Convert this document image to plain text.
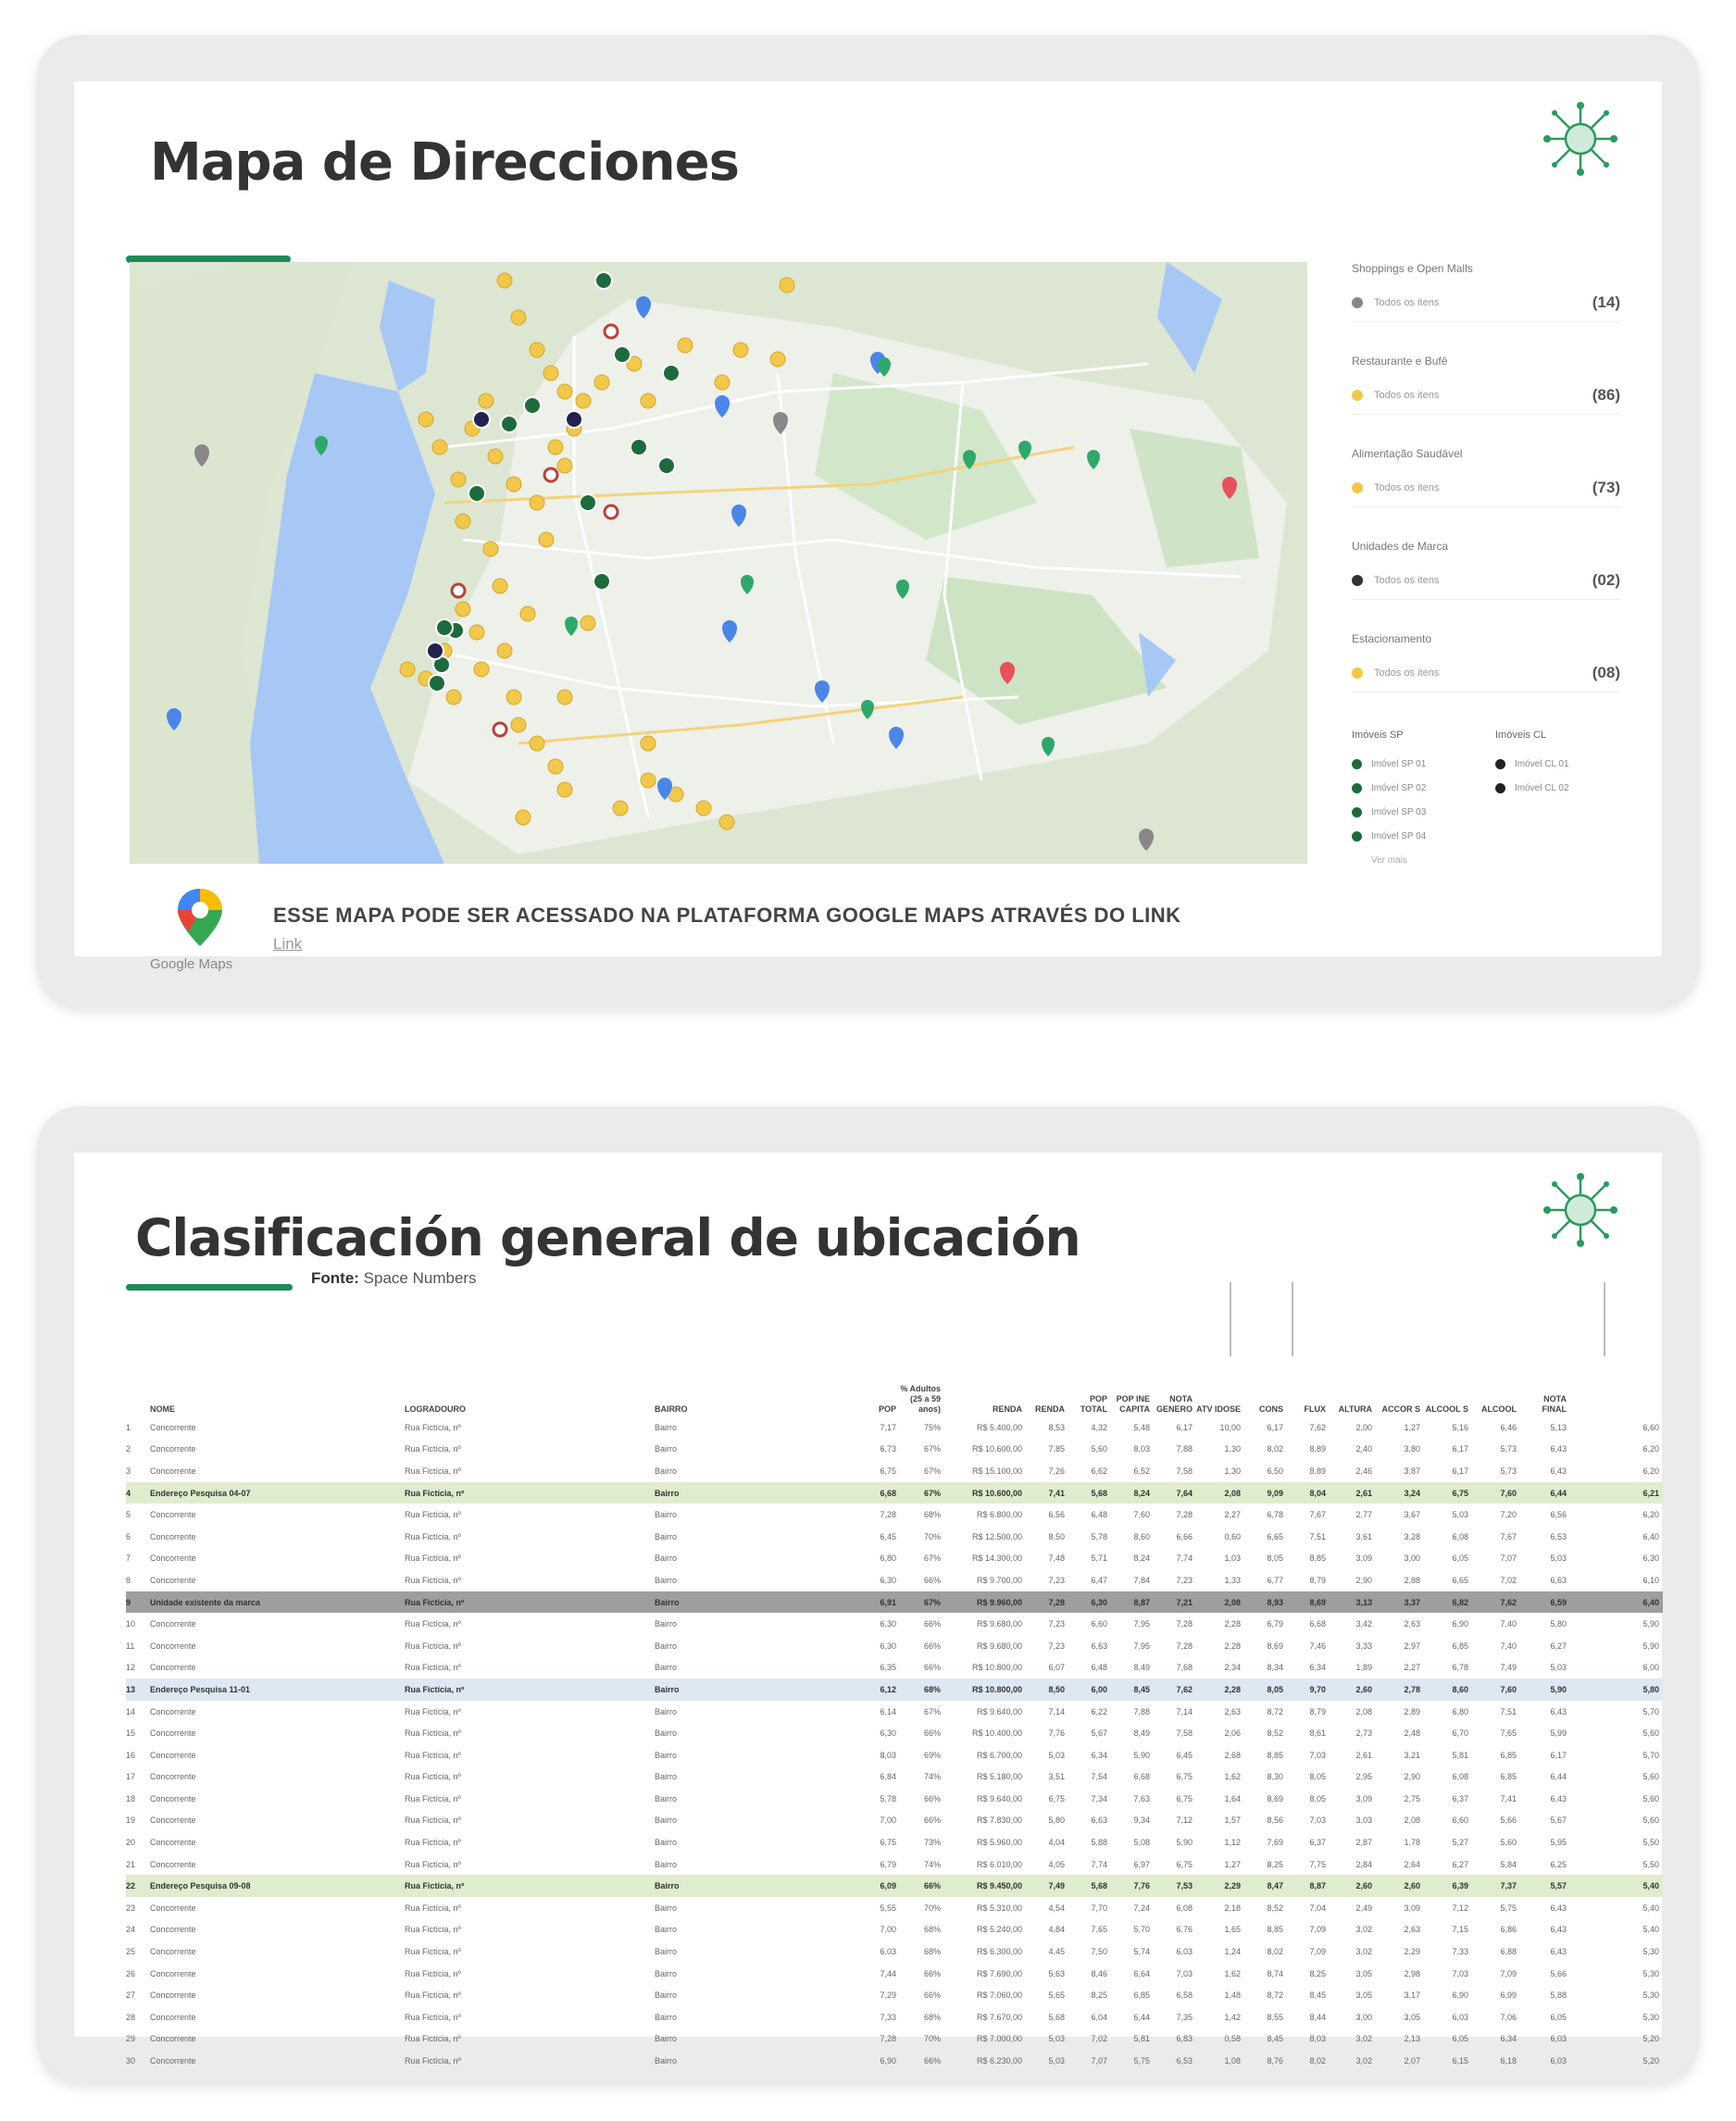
Mapa de Direcciones
Shoppings e Open Malls
Todos os itens	(14)
Restaurante e Bufê
Todos os itens	(86)
Alimentação Saudável
Todos os itens	(73)
Unidades de Marca
Todos os itens	(02)
Estacionamento
Todos os itens	(08)
Imóveis SP
Imóvel SP 01
Imóvel SP 02
Imóvel SP 03
Imóvel SP 04
Ver mais
Imóveis CL
Imóvel CL 01
Imóvel CL 02
Google Maps
ESSE MAPA PODE SER ACESSADO NA PLATAFORMA GOOGLE MAPS ATRAVÉS DO LINK
Link
Clasificación general de ubicación
Fonte: Space Numbers
	NOME	LOGRADOURO	BAIRRO	POP	% Adultos (25 a 59 anos)	RENDA	RENDA	POP TOTAL	POP INE CAPITA	NOTA GENERO	ATV IDOSE	CONS	FLUX	ALTURA	ACCOR S	ALCOOL S	ALCOOL	NOTA FINAL	
1	Concorrente	Rua Fictícia, nº	Bairro	7,17	75%	R$ 5.400,00	8,53	4,32	5,48	6,17	10,00	6,17	7,62	2,00	1,27	5,16	6,46	5,13	6,60
2	Concorrente	Rua Fictícia, nº	Bairro	6,73	67%	R$ 10.600,00	7,85	5,60	8,03	7,88	1,30	8,02	8,89	2,40	3,80	6,17	5,73	6,43	6,20
3	Concorrente	Rua Fictícia, nº	Bairro	6,75	67%	R$ 15.100,00	7,26	6,62	6,52	7,58	1,30	6,50	8,89	2,46	3,87	6,17	5,73	6,43	6,20
4	Endereço Pesquisa 04-07	Rua Fictícia, nº	Bairro	6,68	67%	R$ 10.600,00	7,41	5,68	8,24	7,64	2,08	9,09	8,04	2,61	3,24	6,75	7,60	6,44	6,21
5	Concorrente	Rua Fictícia, nº	Bairro	7,28	68%	R$ 6.800,00	6,56	6,48	7,60	7,28	2,27	6,78	7,67	2,77	3,67	5,03	7,20	6,56	6,20
6	Concorrente	Rua Fictícia, nº	Bairro	6,45	70%	R$ 12.500,00	8,50	5,78	8,60	6,66	0,60	6,65	7,51	3,61	3,28	6,08	7,67	6,53	6,40
7	Concorrente	Rua Fictícia, nº	Bairro	6,80	67%	R$ 14.300,00	7,48	5,71	8,24	7,74	1,03	8,05	8,85	3,09	3,00	6,05	7,07	5,03	6,30
8	Concorrente	Rua Fictícia, nº	Bairro	6,30	66%	R$ 9.700,00	7,23	6,47	7,84	7,23	1,33	6,77	8,79	2,90	2,88	6,65	7,02	6,63	6,10
9	Unidade existente da marca	Rua Fictícia, nº	Bairro	6,91	67%	R$ 9.960,00	7,28	6,30	8,87	7,21	2,08	8,93	8,69	3,13	3,37	6,82	7,62	6,59	6,40
10	Concorrente	Rua Fictícia, nº	Bairro	6,30	66%	R$ 9.680,00	7,23	6,60	7,95	7,28	2,28	6,79	6,68	3,42	2,63	6,90	7,40	5,80	5,90
11	Concorrente	Rua Fictícia, nº	Bairro	6,30	66%	R$ 9.680,00	7,23	6,63	7,95	7,28	2,28	8,69	7,46	3,33	2,97	6,85	7,40	6,27	5,90
12	Concorrente	Rua Fictícia, nº	Bairro	6,35	66%	R$ 10.800,00	6,07	6,48	8,49	7,68	2,34	8,34	6,34	1,89	2,27	6,78	7,49	5,03	6,00
13	Endereço Pesquisa 11-01	Rua Fictícia, nº	Bairro	6,12	68%	R$ 10.800,00	8,50	6,00	8,45	7,62	2,28	8,05	9,70	2,60	2,78	8,60	7,60	5,90	5,80
14	Concorrente	Rua Fictícia, nº	Bairro	6,14	67%	R$ 9.640,00	7,14	6,22	7,88	7,14	2,63	8,72	8,79	2,08	2,89	6,80	7,51	6,43	5,70
15	Concorrente	Rua Fictícia, nº	Bairro	6,30	66%	R$ 10.400,00	7,76	5,67	8,49	7,58	2,06	8,52	8,61	2,73	2,48	6,70	7,65	5,99	5,60
16	Concorrente	Rua Fictícia, nº	Bairro	8,03	69%	R$ 6.700,00	5,03	6,34	5,90	6,45	2,68	8,85	7,03	2,61	3,21	5,81	6,85	6,17	5,70
17	Concorrente	Rua Fictícia, nº	Bairro	6,84	74%	R$ 5.180,00	3,51	7,54	6,68	6,75	1,62	8,30	8,05	2,95	2,90	6,08	6,85	6,44	5,60
18	Concorrente	Rua Fictícia, nº	Bairro	5,78	66%	R$ 9.640,00	6,75	7,34	7,63	6,75	1,64	8,69	8,05	3,09	2,75	6,37	7,41	6,43	5,60
19	Concorrente	Rua Fictícia, nº	Bairro	7,00	66%	R$ 7.830,00	5,80	6,63	9,34	7,12	1,57	8,56	7,03	3,03	2,08	6,60	5,66	5,67	5,60
20	Concorrente	Rua Fictícia, nº	Bairro	6,75	73%	R$ 5.960,00	4,04	5,88	5,08	5,90	1,12	7,69	6,37	2,87	1,78	5,27	5,60	5,95	5,50
21	Concorrente	Rua Fictícia, nº	Bairro	6,79	74%	R$ 6.010,00	4,05	7,74	6,97	6,75	1,27	8,25	7,75	2,84	2,64	6,27	5,84	6,25	5,50
22	Endereço Pesquisa 09-08	Rua Fictícia, nº	Bairro	6,09	66%	R$ 9.450,00	7,49	5,68	7,76	7,53	2,29	8,47	8,87	2,60	2,60	6,39	7,37	5,57	5,40
23	Concorrente	Rua Fictícia, nº	Bairro	5,55	70%	R$ 5.310,00	4,54	7,70	7,24	6,08	2,18	8,52	7,04	2,49	3,09	7,12	5,75	6,43	5,40
24	Concorrente	Rua Fictícia, nº	Bairro	7,00	68%	R$ 5.240,00	4,84	7,65	5,70	6,76	1,65	8,85	7,09	3,02	2,63	7,15	6,86	6,43	5,40
25	Concorrente	Rua Fictícia, nº	Bairro	6,03	68%	R$ 6.300,00	4,45	7,50	5,74	6,03	1,24	8,02	7,09	3,02	2,29	7,33	6,88	6,43	5,30
26	Concorrente	Rua Fictícia, nº	Bairro	7,44	66%	R$ 7.690,00	5,63	8,46	6,64	7,03	1,62	8,74	8,25	3,05	2,98	7,03	7,09	5,66	5,30
27	Concorrente	Rua Fictícia, nº	Bairro	7,29	66%	R$ 7.060,00	5,65	8,25	6,85	6,58	1,48	8,72	8,45	3,05	3,17	6,90	6,99	5,88	5,30
28	Concorrente	Rua Fictícia, nº	Bairro	7,33	68%	R$ 7.670,00	5,68	6,04	6,44	7,35	1,42	8,55	8,44	3,00	3,05	6,03	7,06	6,05	5,30
29	Concorrente	Rua Fictícia, nº	Bairro	7,28	70%	R$ 7.000,00	5,03	7,02	5,81	6,83	0,58	8,45	8,03	3,02	2,13	6,05	6,34	6,03	5,20
30	Concorrente	Rua Fictícia, nº	Bairro	6,90	66%	R$ 6.230,00	5,03	7,07	5,75	6,53	1,08	8,76	8,02	3,02	2,07	6,15	6,18	6,03	5,20
